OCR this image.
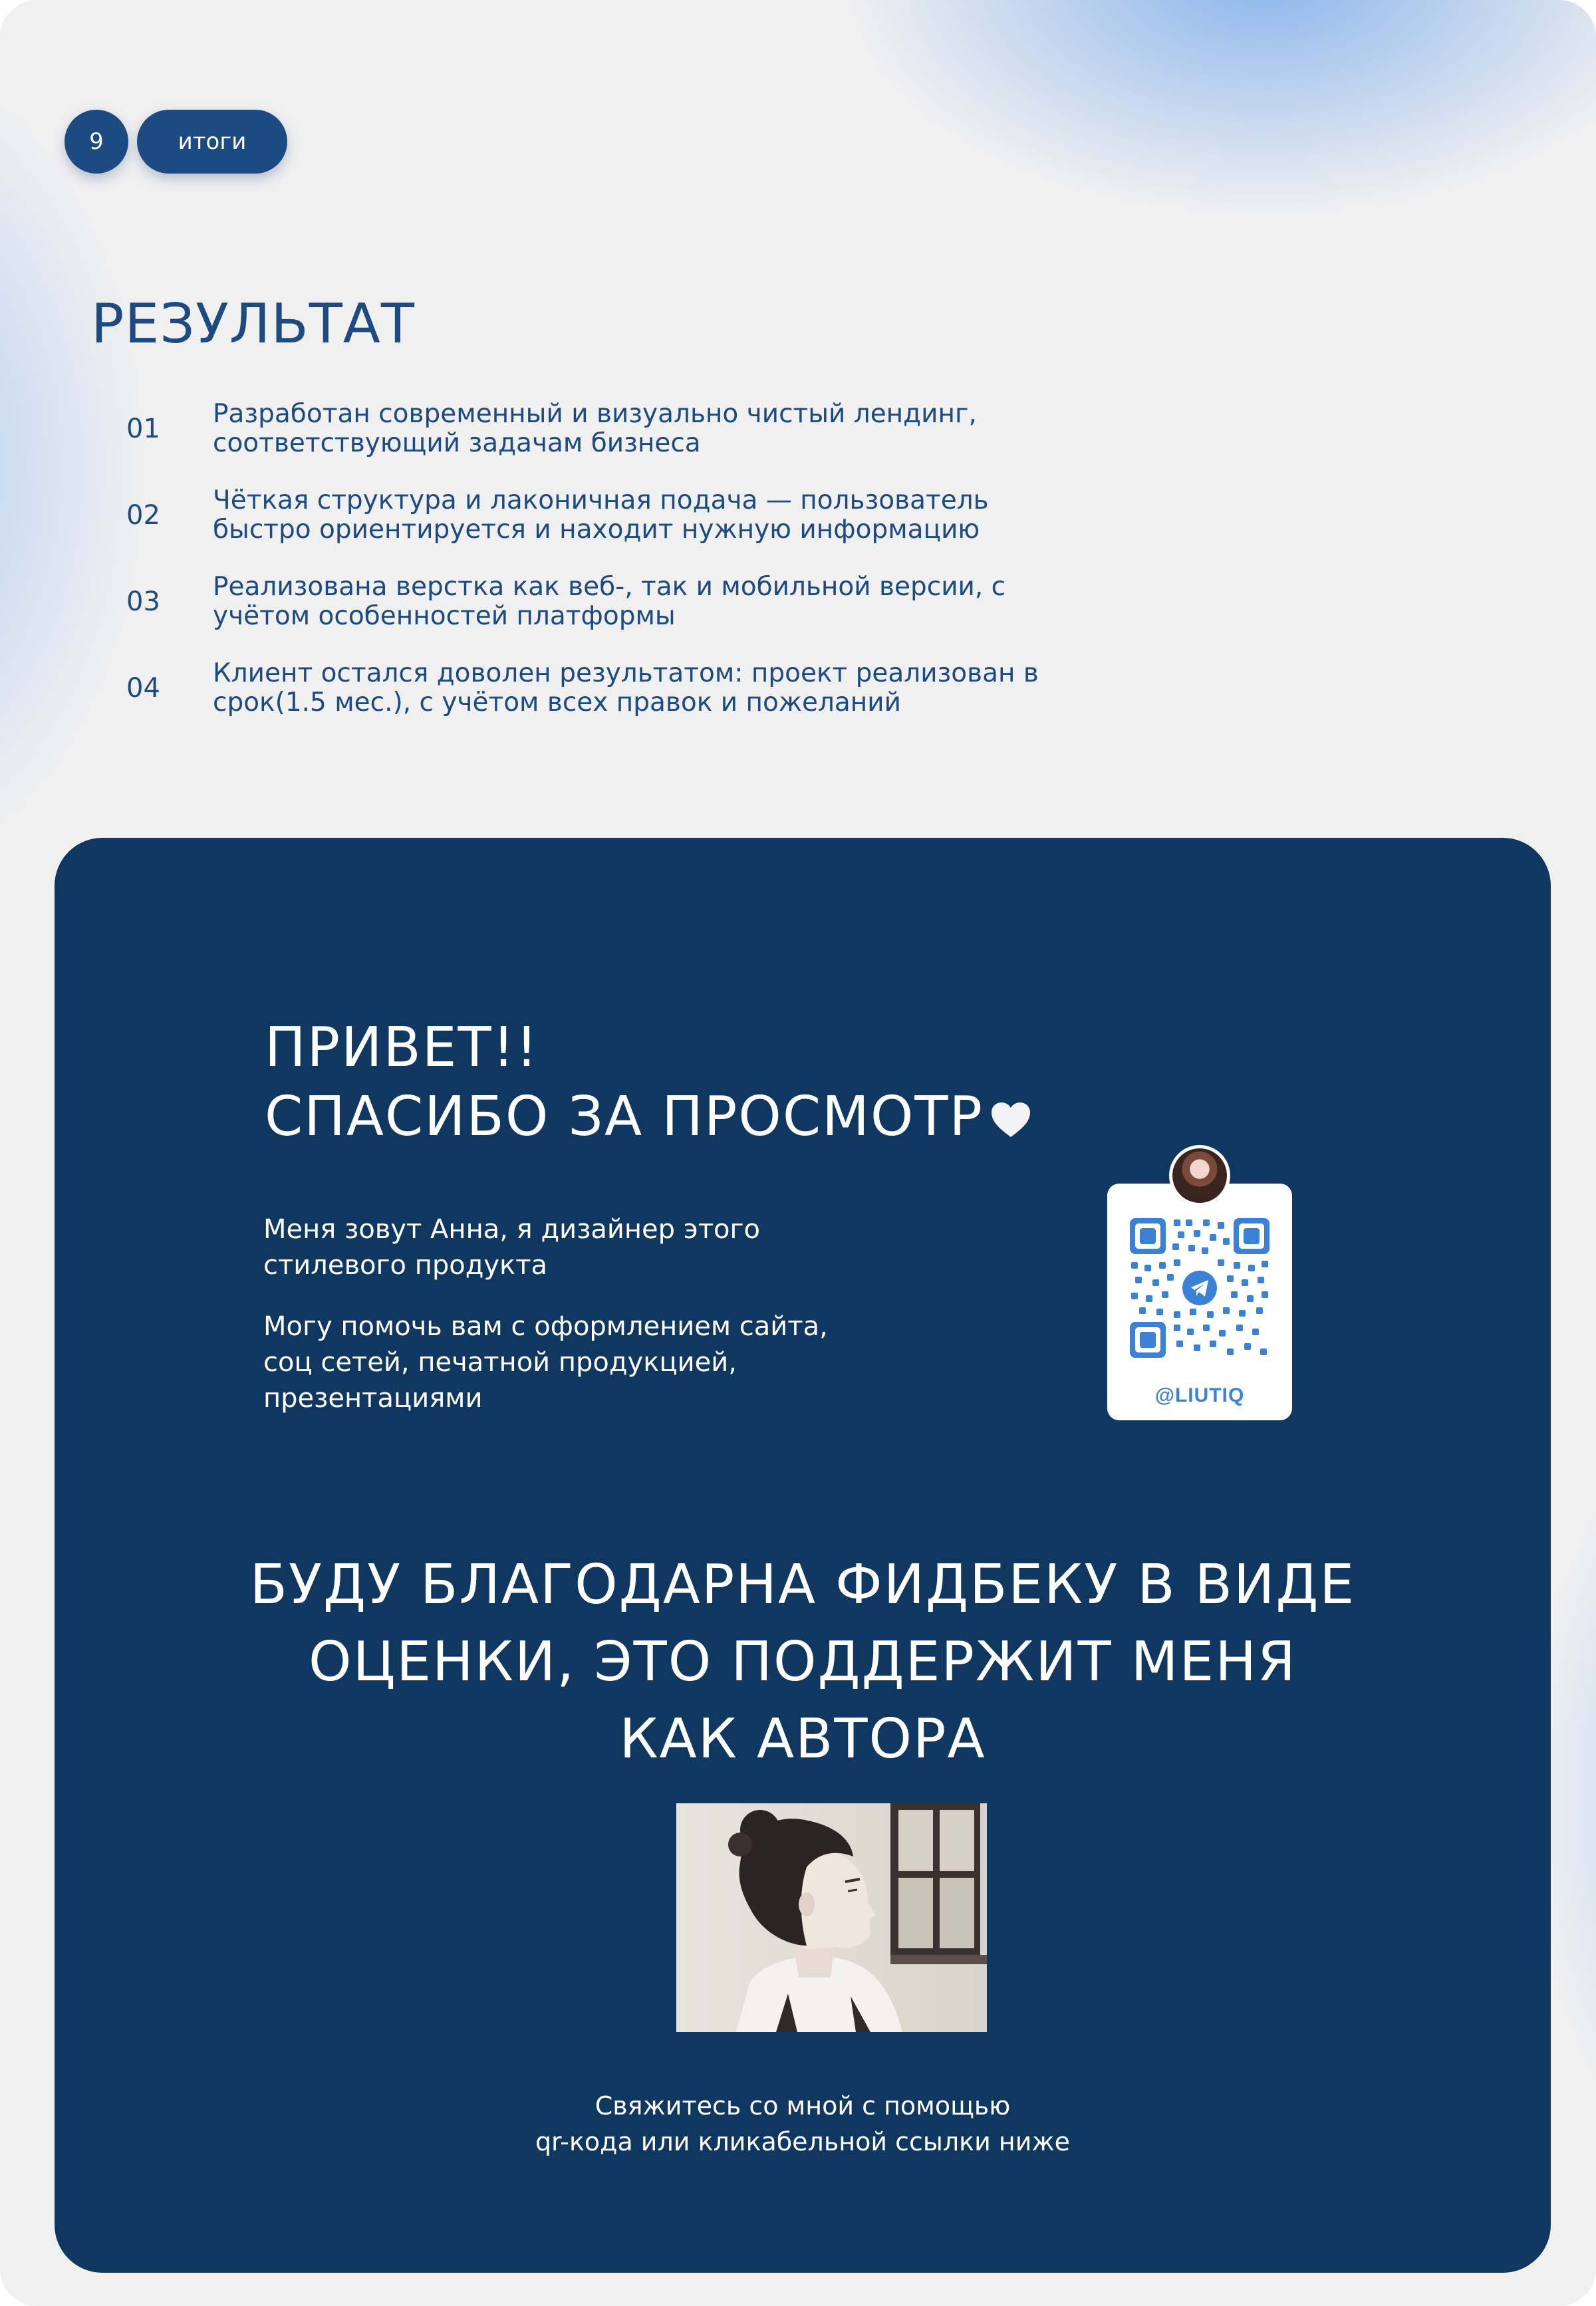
9	итоги
РЕЗУЛЬТАТ
01	Разработан современный и визуально чистый лендинг, соответствующий задачам бизнеса
02	Чёткая структура и лаконичная подача — пользователь быстро ориентируется и находит нужную информацию
03	Реализована верстка как веб-, так и мобильной версии, с учётом особенностей платформы
04	Клиент остался доволен результатом: проект реализован в срок(1.5 мес.), с учётом всех правок и пожеланий
ПРИВЕТ!!
СПАСИБО ЗА ПРОСМОТР

Меня зовут Анна, я дизайнер этого стилевого продукта

Могу помочь вам с оформлением сайта, соц сетей, печатной продукцией, презентациями	@LIUTIQ
БУДУ БЛАГОДАРНА ФИДБЕКУ В ВИДЕ
ОЦЕНКИ, ЭТО ПОДДЕРЖИТ МЕНЯ
КАК АВТОРА

Свяжитесь со мной с помощью
qr-кода или кликабельной ссылки ниже
